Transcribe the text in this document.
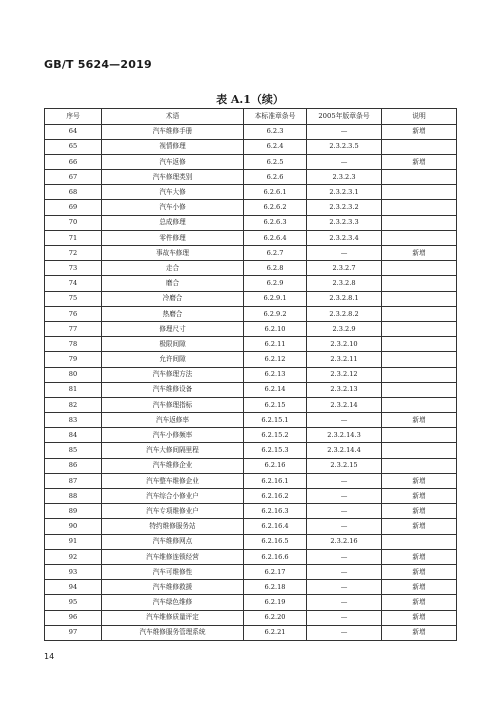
GB/T 5624—2019
表 A.1（续）
序号	术语	本标准章条号	2005年版章条号	说明
64	汽车维修手册	6.2.3	—	新增
65	视情修理	6.2.4	2.3.2.3.5	
66	汽车返修	6.2.5	—	新增
67	汽车修理类别	6.2.6	2.3.2.3	
68	汽车大修	6.2.6.1	2.3.2.3.1	
69	汽车小修	6.2.6.2	2.3.2.3.2	
70	总成修理	6.2.6.3	2.3.2.3.3	
71	零件修理	6.2.6.4	2.3.2.3.4	
72	事故车修理	6.2.7	—	新增
73	走合	6.2.8	2.3.2.7	
74	磨合	6.2.9	2.3.2.8	
75	冷磨合	6.2.9.1	2.3.2.8.1	
76	热磨合	6.2.9.2	2.3.2.8.2	
77	修理尺寸	6.2.10	2.3.2.9	
78	极限间隙	6.2.11	2.3.2.10	
79	允许间隙	6.2.12	2.3.2.11	
80	汽车修理方法	6.2.13	2.3.2.12	
81	汽车维修设备	6.2.14	2.3.2.13	
82	汽车修理指标	6.2.15	2.3.2.14	
83	汽车返修率	6.2.15.1	—	新增
84	汽车小修频率	6.2.15.2	2.3.2.14.3	
85	汽车大修间隔里程	6.2.15.3	2.3.2.14.4	
86	汽车维修企业	6.2.16	2.3.2.15	
87	汽车整车维修企业	6.2.16.1	—	新增
88	汽车综合小修业户	6.2.16.2	—	新增
89	汽车专项维修业户	6.2.16.3	—	新增
90	特约维修服务站	6.2.16.4	—	新增
91	汽车维修网点	6.2.16.5	2.3.2.16	
92	汽车维修连锁经营	6.2.16.6	—	新增
93	汽车可维修性	6.2.17	—	新增
94	汽车维修救援	6.2.18	—	新增
95	汽车绿色维修	6.2.19	—	新增
96	汽车维修质量评定	6.2.20	—	新增
97	汽车维修服务管理系统	6.2.21	—	新增
14
